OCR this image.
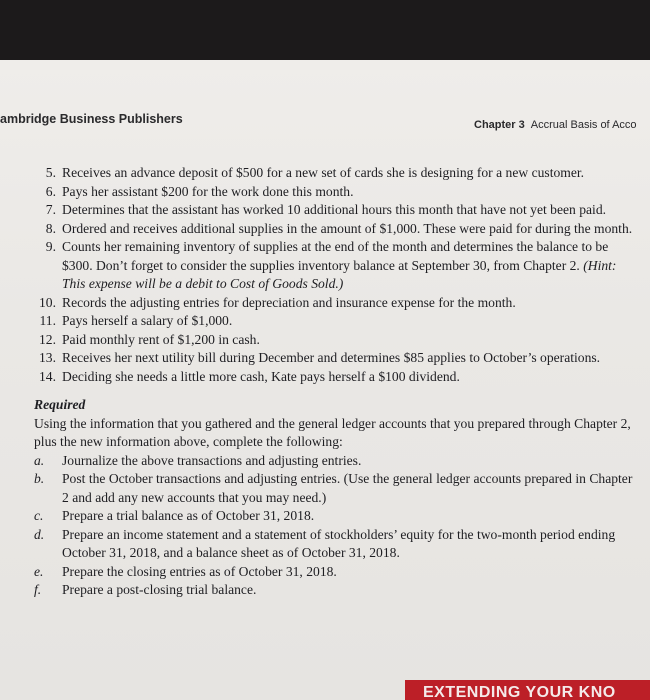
ambridge Business Publishers	Chapter 3 Accrual Basis of Acco
5. Receives an advance deposit of $500 for a new set of cards she is designing for a new customer.
6. Pays her assistant $200 for the work done this month.
7. Determines that the assistant has worked 10 additional hours this month that have not yet been paid.
8. Ordered and receives additional supplies in the amount of $1,000. These were paid for during the month.
9. Counts her remaining inventory of supplies at the end of the month and determines the balance to be $300. Don’t forget to consider the supplies inventory balance at September 30, from Chapter 2. (Hint: This expense will be a debit to Cost of Goods Sold.)
10. Records the adjusting entries for depreciation and insurance expense for the month.
11. Pays herself a salary of $1,000.
12. Paid monthly rent of $1,200 in cash.
13. Receives her next utility bill during December and determines $85 applies to October’s operations.
14. Deciding she needs a little more cash, Kate pays herself a $100 dividend.
Required
Using the information that you gathered and the general ledger accounts that you prepared through Chapter 2, plus the new information above, complete the following:
a.	Journalize the above transactions and adjusting entries.
b.	Post the October transactions and adjusting entries. (Use the general ledger accounts prepared in Chapter 2 and add any new accounts that you may need.)
c.	Prepare a trial balance as of October 31, 2018.
d.	Prepare an income statement and a statement of stockholders’ equity for the two-month period ending October 31, 2018, and a balance sheet as of October 31, 2018.
e.	Prepare the closing entries as of October 31, 2018.
f.	Prepare a post-closing trial balance.
EXTENDING YOUR KNO
